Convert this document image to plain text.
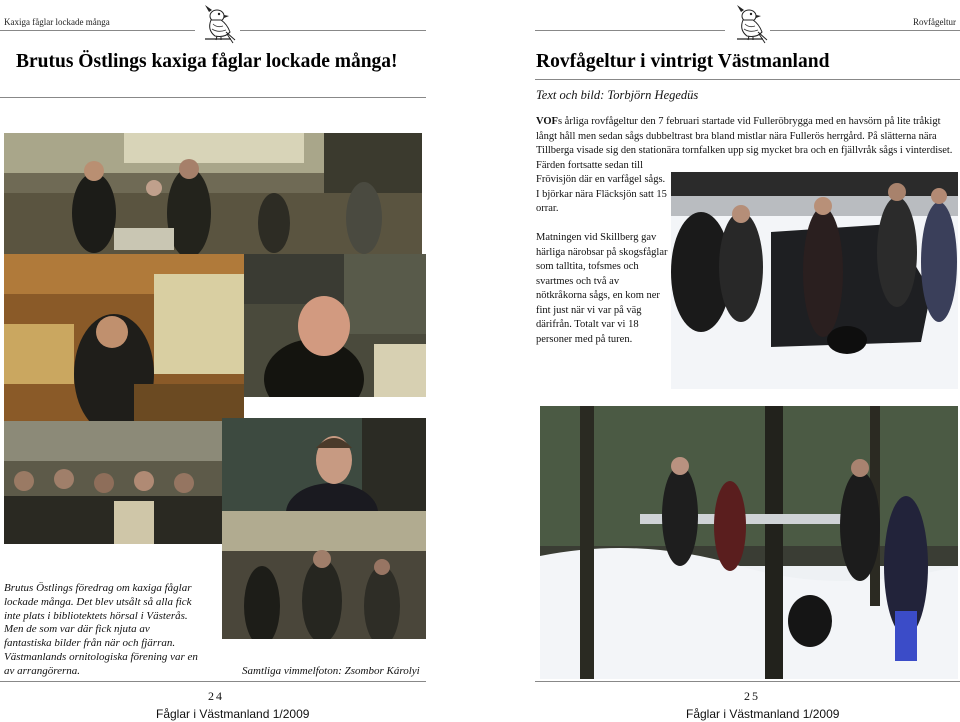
Kaxiga fåglar lockade många
Brutus Östlings kaxiga fåglar lockade många!
Brutus Östlings föredrag om kaxiga fåglar lockade många. Det blev utsålt så alla fick inte plats i bibliotektets hörsal i Västerås. Men de som var där fick njuta av fantastiska bilder från när och fjärran. Västmanlands ornitologiska förening var en av arrangörerna.	Samtliga vimmelfoton: Zsombor Károlyi
24
Fåglar i Västmanland 1/2009
Rovfågeltur
Rovfågeltur i vintrigt Västmanland
Text och bild: Torbjörn Hegedüs
VOFs årliga rovfågeltur den 7 februari startade vid Fulleröbrygga med en havsörn på lite tråkigt långt håll men sedan sågs dubbeltrast bra bland mistlar nära Fullerös herrgård. På slätterna nära Tillberga visade sig den stationära tornfalken upp sig mycket bra och en fjällvråk sågs i vinterdiset. Färden fortsatte sedan till Frövisjön där en varfågel sågs. I björkar nära Fläcksjön satt 15 orrar.

Matningen vid Skillberg gav härliga närobsar på skogsfåglar som talltita, tofsmes och svartmes och två av nötkråkorna sågs, en kom ner fint just när vi var på väg därifrån. Totalt var vi 18 personer med på turen.
25
Fåglar i Västmanland 1/2009
